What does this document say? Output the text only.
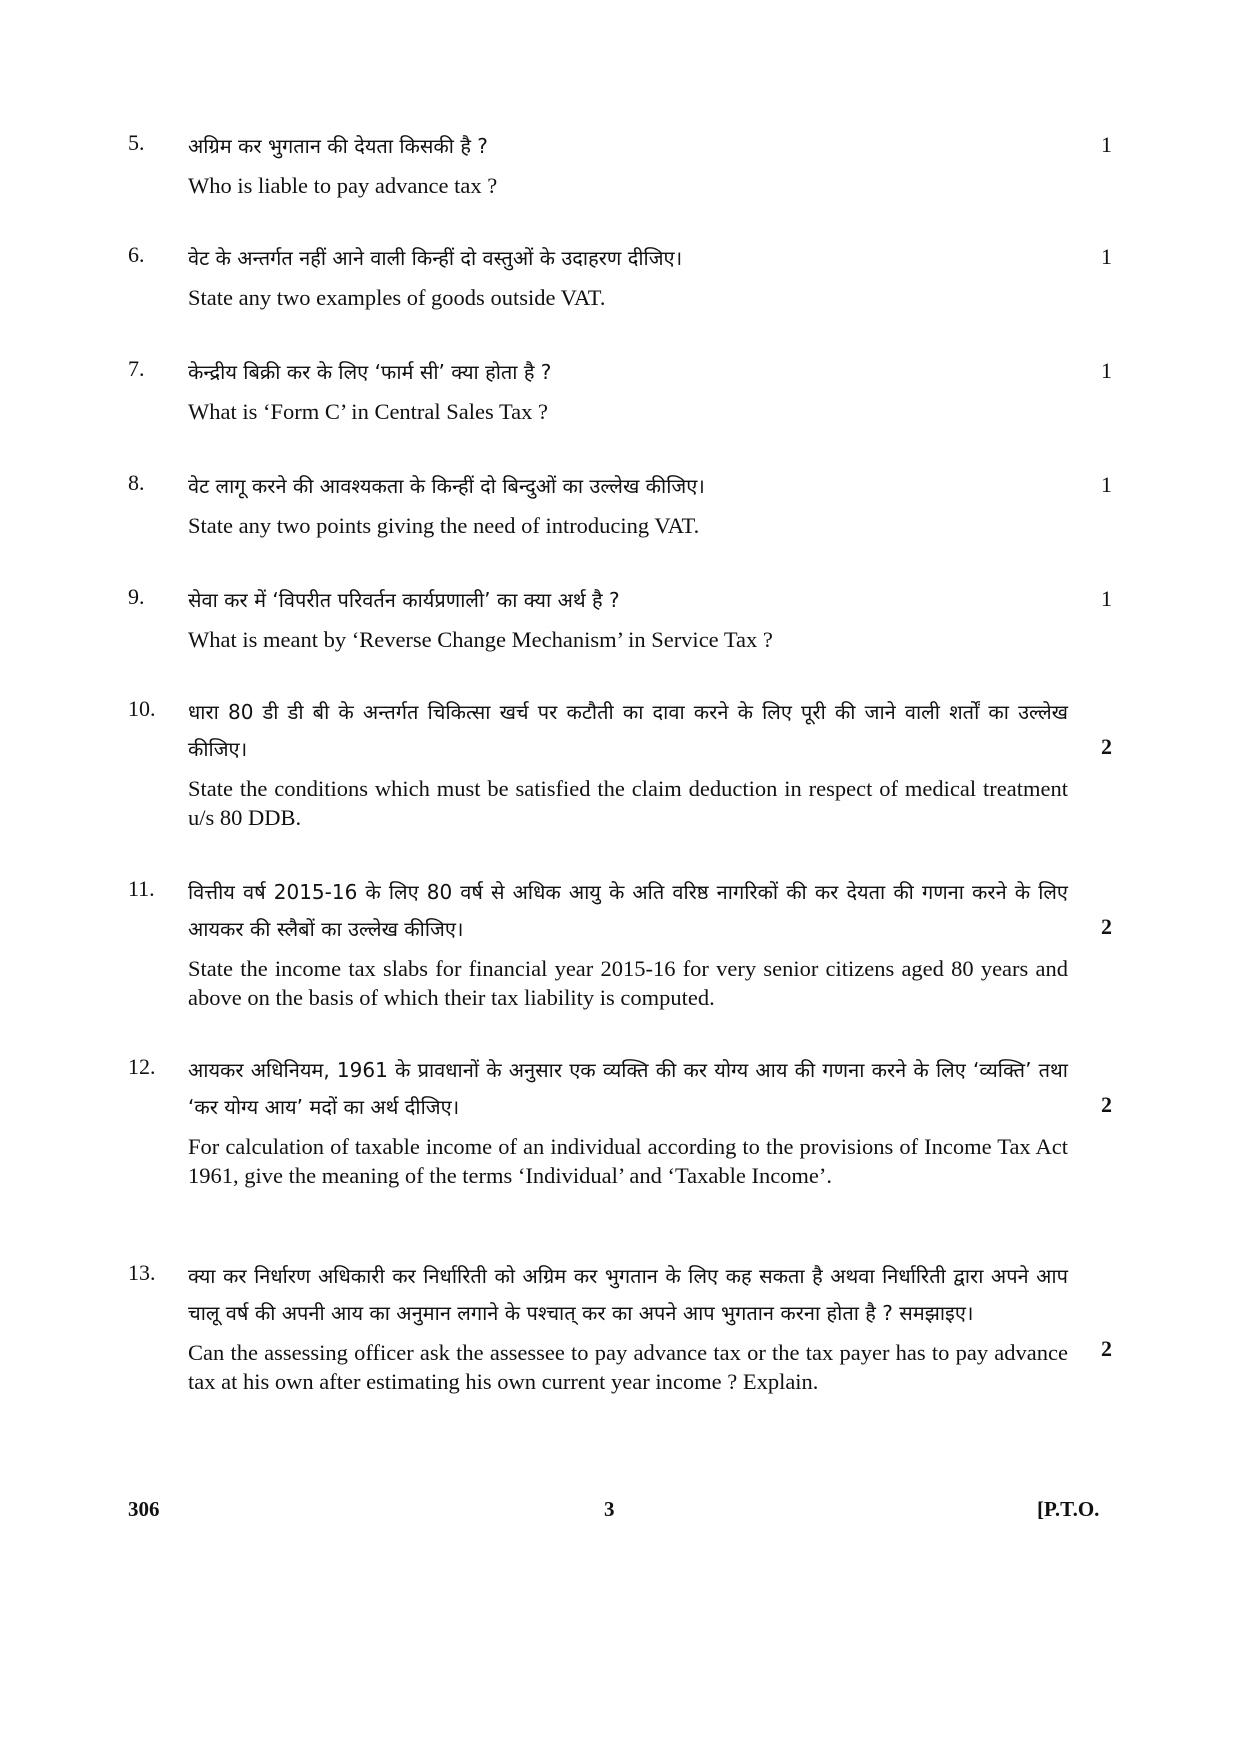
5. अग्रिम कर भुगतान की देयता किसकी है ?

Who is liable to pay advance tax ?

1
6. वेट के अन्तर्गत नहीं आने वाली किन्हीं दो वस्तुओं के उदाहरण दीजिए।

State any two examples of goods outside VAT.

1
7. केन्द्रीय बिक्री कर के लिए ‘फार्म सी’ क्या होता है ?

What is ‘Form C’ in Central Sales Tax ?

1
8. वेट लागू करने की आवश्यकता के किन्हीं दो बिन्दुओं का उल्लेख कीजिए।

State any two points giving the need of introducing VAT.

1
9. सेवा कर में ‘विपरीत परिवर्तन कार्यप्रणाली’ का क्या अर्थ है ?

What is meant by ‘Reverse Change Mechanism’ in Service Tax ?

1
10. धारा 80 डी डी बी के अन्तर्गत चिकित्सा खर्च पर कटौती का दावा करने के लिए पूरी की जाने वाली शर्तों का उल्लेख कीजिए।

State the conditions which must be satisfied the claim deduction in respect of medical treatment u/s 80 DDB.

2
11. वित्तीय वर्ष 2015-16 के लिए 80 वर्ष से अधिक आयु के अति वरिष्ठ नागरिकों की कर देयता की गणना करने के लिए आयकर की स्लैबों का उल्लेख कीजिए।

State the income tax slabs for financial year 2015-16 for very senior citizens aged 80 years and above on the basis of which their tax liability is computed.

2
12. आयकर अधिनियम, 1961 के प्रावधानों के अनुसार एक व्यक्ति की कर योग्य आय की गणना करने के लिए ‘व्यक्ति’ तथा ‘कर योग्य आय’ मदों का अर्थ दीजिए।

For calculation of taxable income of an individual according to the provisions of Income Tax Act 1961, give the meaning of the terms ‘Individual’ and ‘Taxable Income’.

2
13. क्या कर निर्धारण अधिकारी कर निर्धारिती को अग्रिम कर भुगतान के लिए कह सकता है अथवा निर्धारिती द्वारा अपने आप चालू वर्ष की अपनी आय का अनुमान लगाने के पश्चात् कर का अपने आप भुगतान करना होता है ? समझाइए।

Can the assessing officer ask the assessee to pay advance tax or the tax payer has to pay advance tax at his own after estimating his own current year income ? Explain.

2
306	3	[P.T.O.
